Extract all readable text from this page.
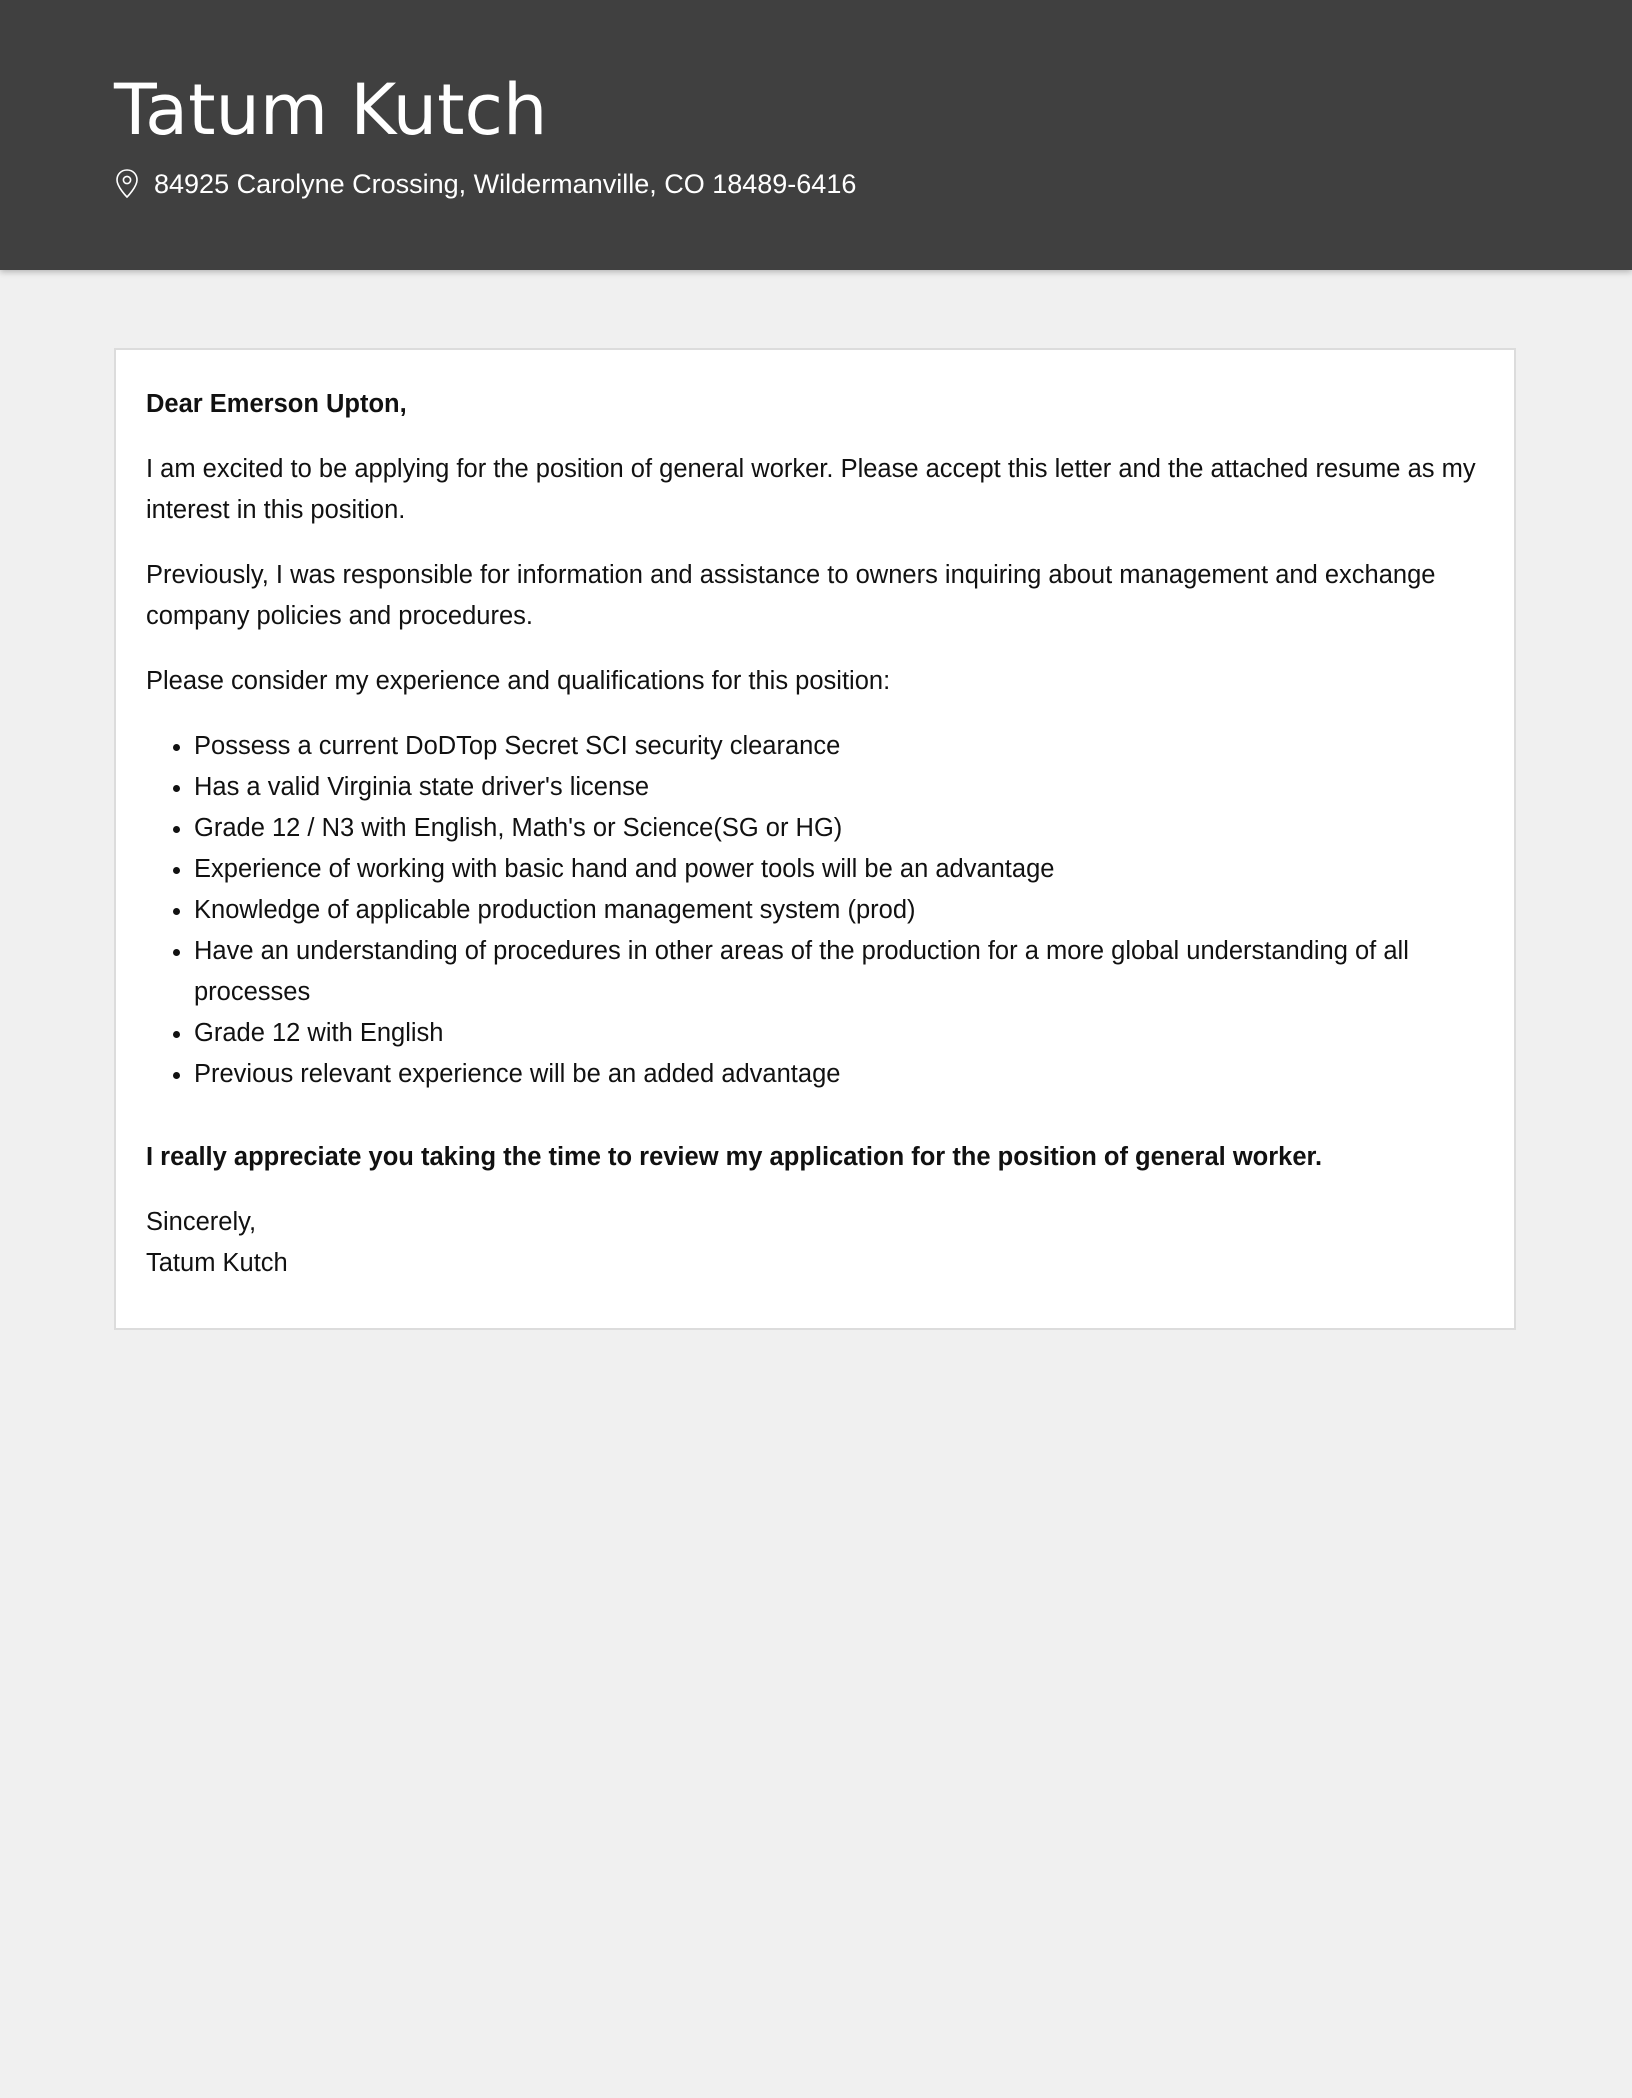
Tatum Kutch
84925 Carolyne Crossing, Wildermanville, CO 18489-6416

Dear Emerson Upton,

I am excited to be applying for the position of general worker. Please accept this letter and the attached resume as my interest in this position.

Previously, I was responsible for information and assistance to owners inquiring about management and exchange company policies and procedures.

Please consider my experience and qualifications for this position:

• Possess a current DoDTop Secret SCI security clearance
• Has a valid Virginia state driver's license
• Grade 12 / N3 with English, Math's or Science(SG or HG)
• Experience of working with basic hand and power tools will be an advantage
• Knowledge of applicable production management system (prod)
• Have an understanding of procedures in other areas of the production for a more global understanding of all processes
• Grade 12 with English
• Previous relevant experience will be an added advantage

I really appreciate you taking the time to review my application for the position of general worker.

Sincerely,

Tatum Kutch
